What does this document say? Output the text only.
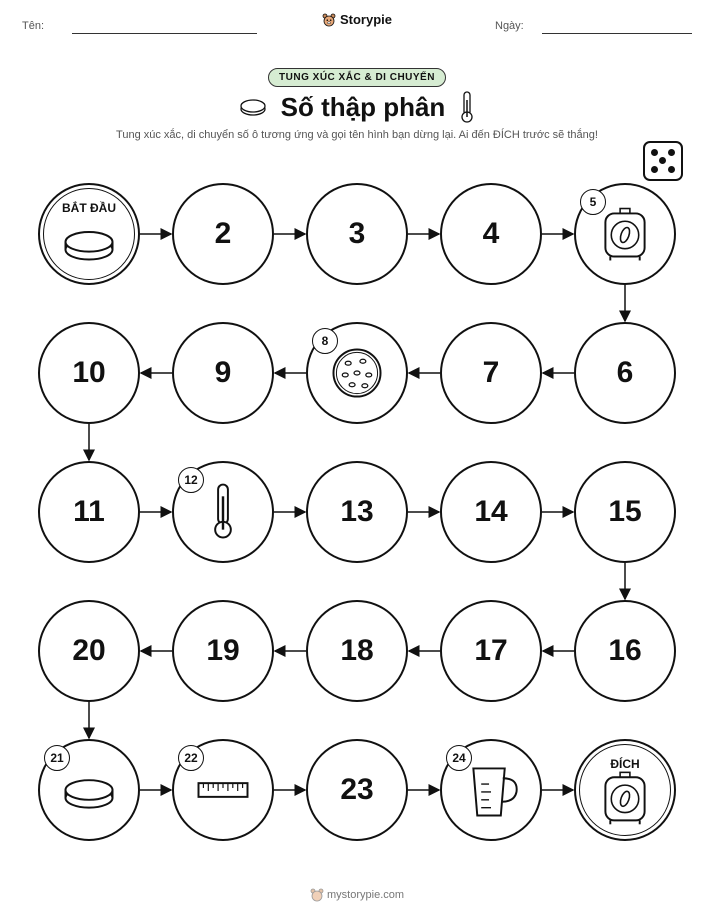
Tên:	Ngày:
Storypie
TUNG XÚC XẮC & DI CHUYỂN
Số thập phân
Tung xúc xắc, di chuyển số ô tương ứng và gọi tên hình bạn dừng lại. Ai đến ĐÍCH trước sẽ thắng!
BẮT ĐẦU
2	3	4
5
6
7
8
9
10
11
12
13	14	15
16
17
18
19
20
21	22
23
24	ĐÍCH
mystorypie.com
